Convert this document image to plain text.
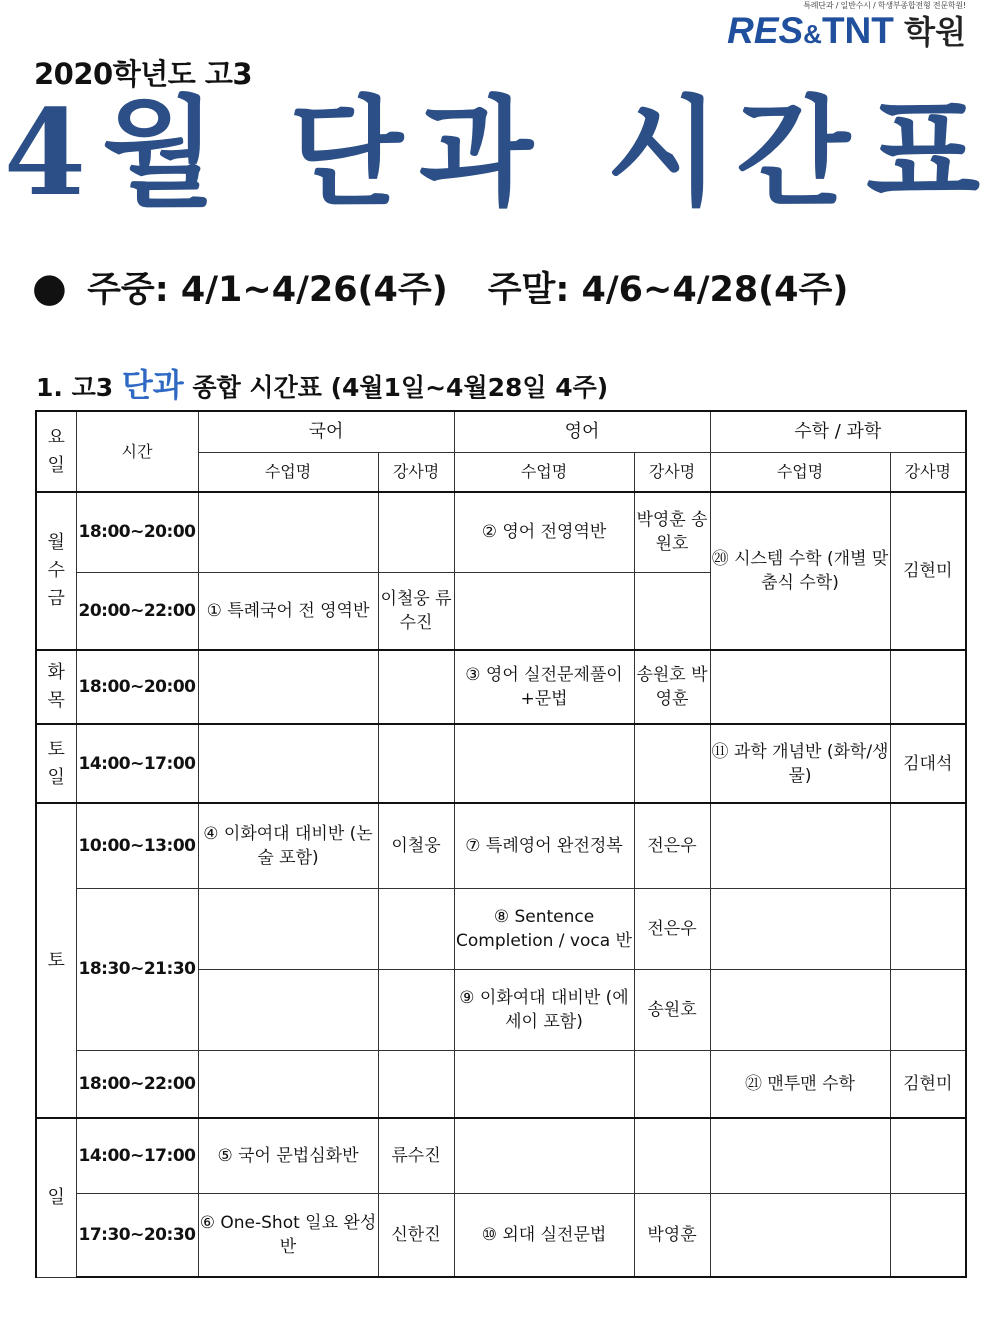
특례단과 / 일반수시 / 학생부종합전형 전문학원!
RES&TNT 학원
2020학년도 고3
4월 단과 시간표
● 주중: 4/1~4/26(4주) 주말: 4/6~4/28(4주)
1. 고3 단과 종합 시간표 (4월1일~4월28일 4주)
요일	시간	국어		영어		수학 / 과학	
		수업명	강사명	수업명	강사명	수업명	강사명
월수금	18:00~20:00			② 영어 전영역반	박영훈 송원호	⑳ 시스템 수학 (개별 맞춤식 수학)	김현미
	20:00~22:00	① 특례국어 전 영역반	이철웅 류수진				
화목	18:00~20:00			③ 영어 실전문제풀이+문법	송원호 박영훈		
토일	14:00~17:00					⑪ 과학 개념반 (화학/생물)	김대석
토	10:00~13:00	④ 이화여대 대비반 (논술 포함)	이철웅	⑦ 특례영어 완전정복	전은우		
	18:30~21:30			⑧ Sentence Completion / voca 반	전은우		
				⑨ 이화여대 대비반 (에세이 포함)	송원호		
	18:00~22:00					㉑ 맨투맨 수학	김현미
일	14:00~17:00	⑤ 국어 문법심화반	류수진				
	17:30~20:30	⑥ One-Shot 일요 완성반	신한진	⑩ 외대 실전문법	박영훈		
